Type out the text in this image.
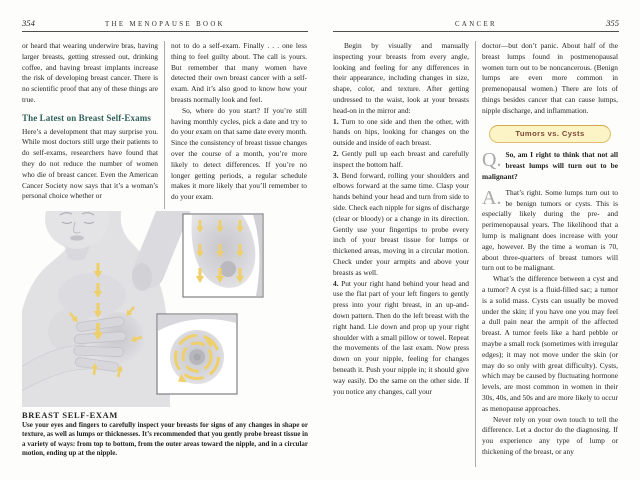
354	THE MENOPAUSE BOOK

or heard that wearing underwire bras, having larger breasts, getting stressed out, drinking coffee, and having breast implants increase the risk of developing breast cancer. There is no scientific proof that any of these things are true.

The Latest on Breast Self-Exams

Here’s a development that may surprise you. While most doctors still urge their patients to do self-exams, researchers have found that they do not reduce the number of women who die of breast cancer. Even the American Cancer Society now says that it’s a woman’s personal choice whether or

not to do a self-exam. Finally . . . one less thing to feel guilty about. The call is yours. But remember that many women have detected their own breast cancer with a self-exam. And it’s also good to know how your breasts normally look and feel.

So, where do you start? If you’re still having monthly cycles, pick a date and try to do your exam on that same date every month. Since the consistency of breast tissue changes over the course of a month, you’re more likely to detect differences. If you’re no longer getting periods, a regular schedule makes it more likely that you’ll remember to do your exam.

BREAST SELF-EXAM

Use your eyes and fingers to carefully inspect your breasts for signs of any changes in shape or texture, as well as lumps or thicknesses. It’s recommended that you gently probe breast tissue in a variety of ways: from top to bottom, from the outer areas toward the nipple, and in a circular motion, ending up at the nipple.

CANCER	355

Begin by visually and manually inspecting your breasts from every angle, looking and feeling for any differences in their appearance, including changes in size, shape, color, and texture. After getting undressed to the waist, look at your breasts head-on in the mirror and:

1. Turn to one side and then the other, with hands on hips, looking for changes on the outside and inside of each breast.

2. Gently pull up each breast and carefully inspect the bottom half.

3. Bend forward, rolling your shoulders and elbows forward at the same time. Clasp your hands behind your head and turn from side to side. Check each nipple for signs of discharge (clear or bloody) or a change in its direction. Gently use your fingertips to probe every inch of your breast tissue for lumps or thickened areas, moving in a circular motion. Check under your armpits and above your breasts as well.

4. Put your right hand behind your head and use the flat part of your left fingers to gently press into your right breast, in an up-and-down pattern. Then do the left breast with the right hand. Lie down and prop up your right shoulder with a small pillow or towel. Repeat the movements of the last exam. Now press down on your nipple, feeling for changes beneath it. Push your nipple in; it should give way easily. Do the same on the other side. If you notice any changes, call your

doctor—but don’t panic. About half of the breast lumps found in postmenopausal women turn out to be noncancerous. (Benign lumps are even more common in premenopausal women.) There are lots of things besides cancer that can cause lumps, nipple discharge, and inflammation.

Tumors vs. Cysts
Q. So, am I right to think that not all breast lumps will turn out to be malignant?

A. That’s right. Some lumps turn out to be benign tumors or cysts. This is especially likely during the pre- and perimenopausal years. The likelihood that a lump is malignant does increase with your age, however. By the time a woman is 70, about three-quarters of breast tumors will turn out to be malignant.

What’s the difference between a cyst and a tumor? A cyst is a fluid-filled sac; a tumor is a solid mass. Cysts can usually be moved under the skin; if you have one you may feel a dull pain near the armpit of the affected breast. A tumor feels like a hard pebble or maybe a small rock (sometimes with irregular edges); it may not move under the skin (or may do so only with great difficulty). Cysts, which may be caused by fluctuating hormone levels, are most common in women in their 30s, 40s, and 50s and are more likely to occur as menopause approaches.

Never rely on your own touch to tell the difference. Let a doctor do the diagnosing. If you experience any type of lump or thickening of the breast, or any
